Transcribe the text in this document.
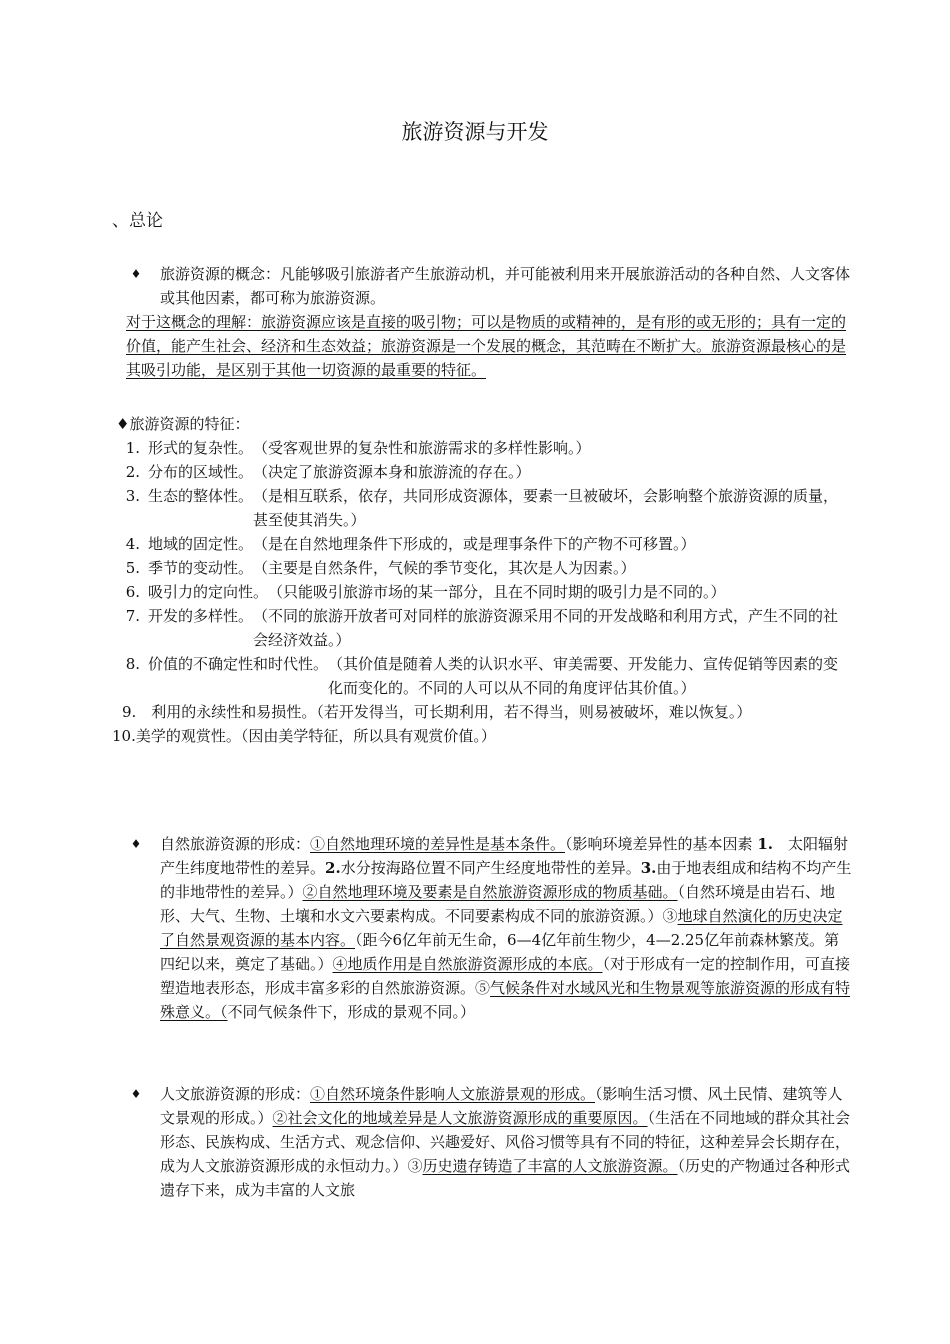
旅游资源与开发
、总论
♦	旅游资源的概念：凡能够吸引旅游者产生旅游动机，并可能被利用来开展旅游活动的各种自然、人文客体或其他因素，都可称为旅游资源。
对于这概念的理解：旅游资源应该是直接的吸引物；可以是物质的或精神的，是有形的或无形的；具有一定的价值，能产生社会、经济和生态效益；旅游资源是一个发展的概念，其范畴在不断扩大。旅游资源最核心的是其吸引功能，是区别于其他一切资源的最重要的特征。
♦旅游资源的特征：
1. 形式的复杂性。 （受客观世界的复杂性和旅游需求的多样性影响。）
2. 分布的区域性。 （决定了旅游资源本身和旅游流的存在。）
3. 生态的整体性。 （是相互联系，依存，共同形成资源体，要素一旦被破坏，会影响整个旅游资源的质量，甚至使其消失。）
4. 地域的固定性。 （是在自然地理条件下形成的，或是理事条件下的产物不可移置。）
5. 季节的变动性。 （主要是自然条件，气候的季节变化，其次是人为因素。）
6. 吸引力的定向性。 （只能吸引旅游市场的某一部分，且在不同时期的吸引力是不同的。）
7. 开发的多样性。 （不同的旅游开放者可对同样的旅游资源采用不同的开发战略和利用方式，产生不同的社会经济效益。）
8. 价值的不确定性和时代性。 （其价值是随着人类的认识水平、审美需要、开发能力、宣传促销等因素的变化而变化的。不同的人可以从不同的角度评估其价值。）
9.　利用的永续性和易损性。（若开发得当，可长期利用，若不得当，则易被破坏，难以恢复。）
10.美学的观赏性。（因由美学特征，所以具有观赏价值。）
♦	自然旅游资源的形成：①自然地理环境的差异性是基本条件。（影响环境差异性的基本因素 1.　太阳辐射产生纬度地带性的差异。2.水分按海路位置不同产生经度地带性的差异。3.由于地表组成和结构不均产生的非地带性的差异。）②自然地理环境及要素是自然旅游资源形成的物质基础。（自然环境是由岩石、地形、大气、生物、土壤和水文六要素构成。不同要素构成不同的旅游资源。）③地球自然演化的历史决定了自然景观资源的基本内容。（距今6亿年前无生命，6—4亿年前生物少，4—2.25亿年前森林繁茂。第四纪以来，奠定了基础。）④地质作用是自然旅游资源形成的本底。（对于形成有一定的控制作用，可直接塑造地表形态，形成丰富多彩的自然旅游资源。⑤气候条件对水域风光和生物景观等旅游资源的形成有特殊意义。（不同气候条件下，形成的景观不同。）
♦	人文旅游资源的形成：①自然环境条件影响人文旅游景观的形成。（影响生活习惯、风土民情、建筑等人文景观的形成。）②社会文化的地域差异是人文旅游资源形成的重要原因。（生活在不同地域的群众其社会形态、民族构成、生活方式、观念信仰、兴趣爱好、风俗习惯等具有不同的特征，这种差异会长期存在，成为人文旅游资源形成的永恒动力。）③历史遗存铸造了丰富的人文旅游资源。（历史的产物通过各种形式遗存下来，成为丰富的人文旅
